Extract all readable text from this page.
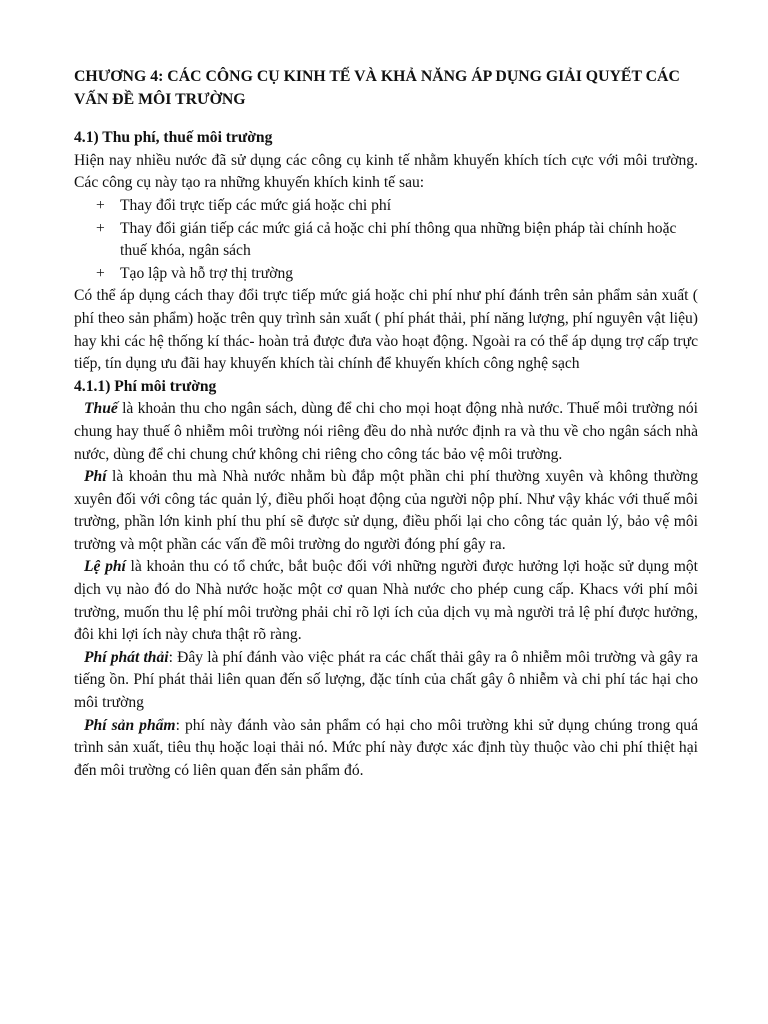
CHƯƠNG 4: CÁC CÔNG CỤ KINH TẾ VÀ KHẢ NĂNG ÁP DỤNG GIẢI QUYẾT CÁC VẤN ĐỀ MÔI TRƯỜNG
4.1) Thu phí, thuế môi trường

Hiện nay nhiều nước đã sử dụng các công cụ kinh tế nhằm khuyến khích tích cực với môi trường. Các công cụ này tạo ra những khuyến khích kinh tế sau:

+ Thay đổi trực tiếp các mức giá hoặc chi phí
+ Thay đổi gián tiếp các mức giá cả hoặc chi phí thông qua những biện pháp tài chính hoặc thuế khóa, ngân sách
+ Tạo lập và hỗ trợ thị trường

Có thể áp dụng cách thay đổi trực tiếp mức giá hoặc chi phí như phí đánh trên sản phẩm sản xuất ( phí theo sản phẩm) hoặc trên quy trình sản xuất ( phí phát thải, phí năng lượng, phí nguyên vật liệu) hay khi các hệ thống kí thác- hoàn trả được đưa vào hoạt động. Ngoài ra có thể áp dụng trợ cấp trực tiếp, tín dụng ưu đãi hay khuyến khích tài chính để khuyến khích công nghệ sạch

4.1.1) Phí môi trường

Thuế là khoản thu cho ngân sách, dùng để chi cho mọi hoạt động nhà nước. Thuế môi trường nói chung hay thuế ô nhiễm môi trường nói riêng đều do nhà nước định ra và thu về cho ngân sách nhà nước, dùng để chi chung chứ không chi riêng cho công tác bảo vệ môi trường.

Phí là khoản thu mà Nhà nước nhằm bù đắp một phần chi phí thường xuyên và không thường xuyên đối với công tác quản lý, điều phối hoạt động của người nộp phí. Như vậy khác với thuế môi trường, phần lớn kinh phí thu phí sẽ được sử dụng, điều phối lại cho công tác quản lý, bảo vệ môi trường và một phần các vấn đề môi trường do người đóng phí gây ra.

Lệ phí là khoản thu có tổ chức, bắt buộc đối với những người được hưởng lợi hoặc sử dụng một dịch vụ nào đó do Nhà nước hoặc một cơ quan Nhà nước cho phép cung cấp. Khacs với phí môi trường, muốn thu lệ phí môi trường phải chỉ rõ lợi ích của dịch vụ mà người trả lệ phí được hưởng, đôi khi lợi ích này chưa thật rõ ràng.

Phí phát thải: Đây là phí đánh vào việc phát ra các chất thải gây ra ô nhiễm môi trường và gây ra tiếng ồn. Phí phát thải liên quan đến số lượng, đặc tính của chất gây ô nhiễm và chi phí tác hại cho môi trường

Phí sản phẩm: phí này đánh vào sản phẩm có hại cho môi trường khi sử dụng chúng trong quá trình sản xuất, tiêu thụ hoặc loại thải nó. Mức phí này được xác định tùy thuộc vào chi phí thiệt hại đến môi trường có liên quan đến sản phẩm đó.
